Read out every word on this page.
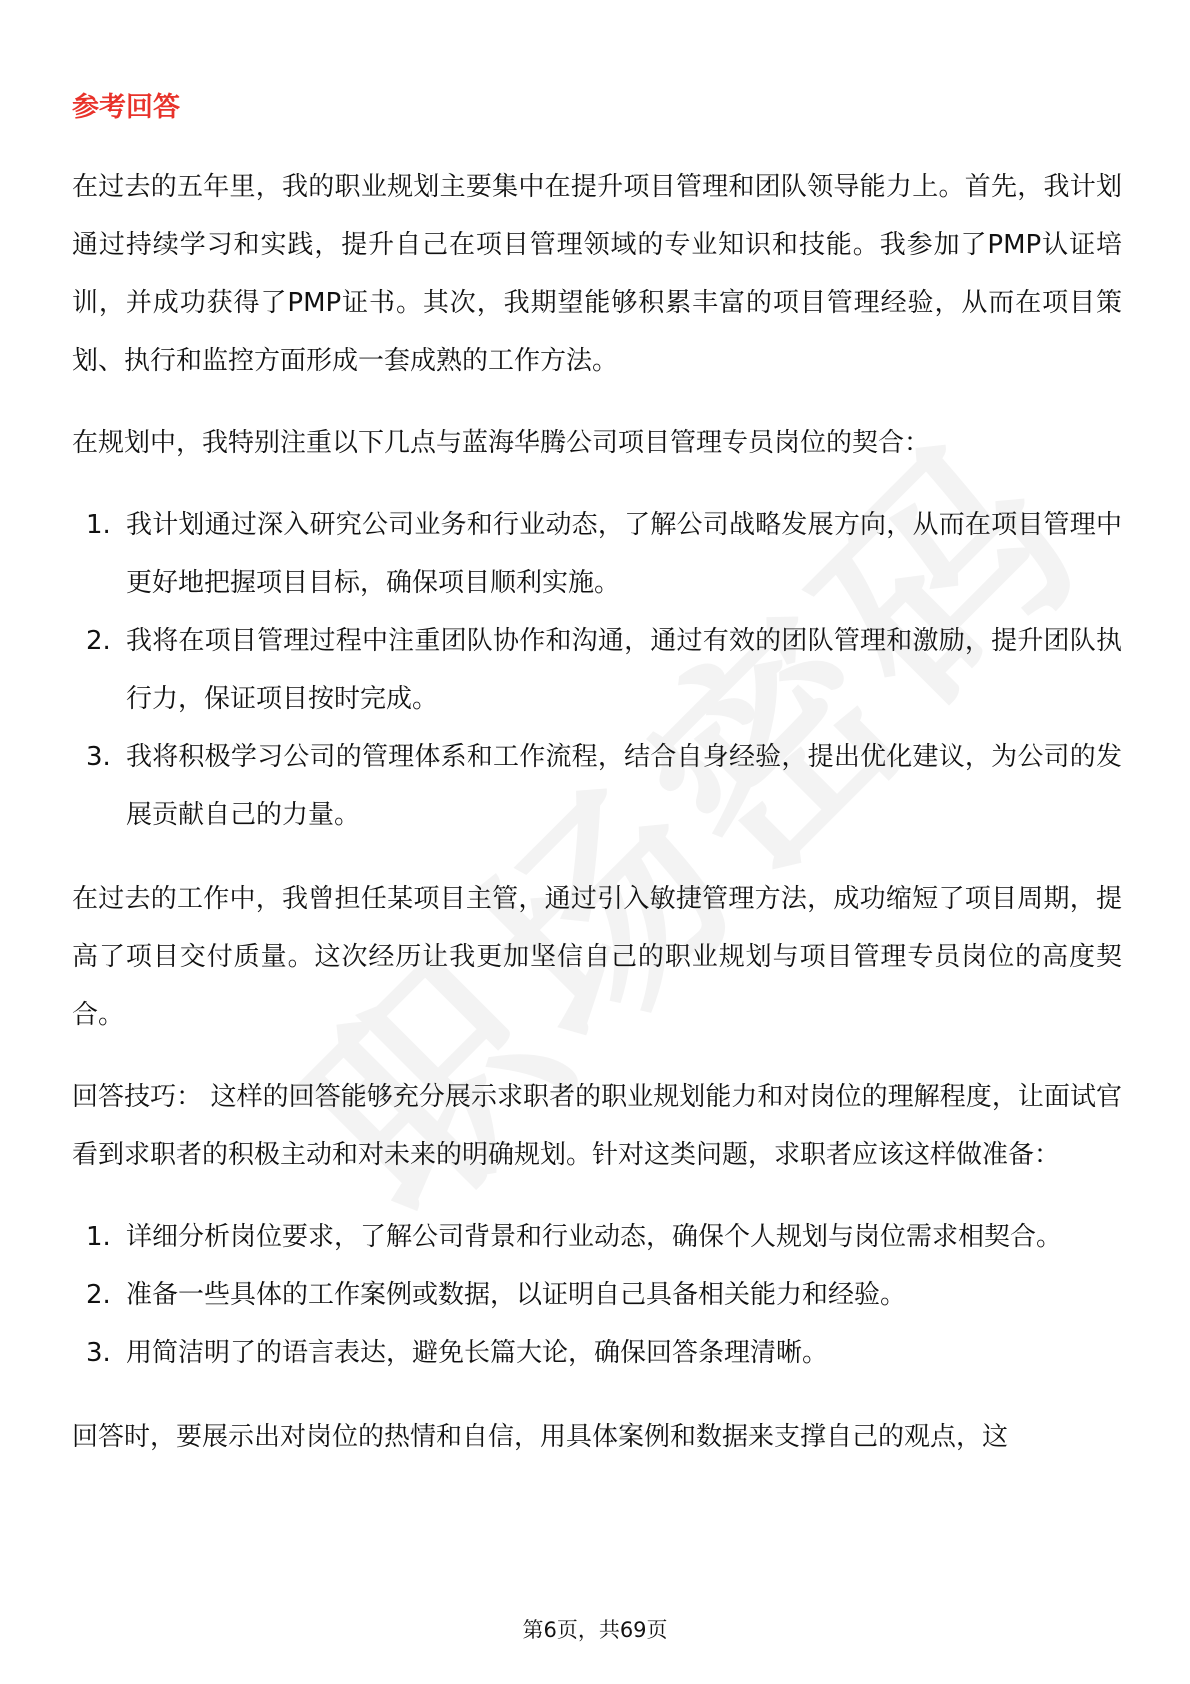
参考回答

在过去的五年里，我的职业规划主要集中在提升项目管理和团队领导能力上。首先，我计划通过持续学习和实践，提升自己在项目管理领域的专业知识和技能。我参加了PMP认证培训，并成功获得了PMP证书。其次，我期望能够积累丰富的项目管理经验，从而在项目策划、执行和监控方面形成一套成熟的工作方法。

在规划中，我特别注重以下几点与蓝海华腾公司项目管理专员岗位的契合：

1. 我计划通过深入研究公司业务和行业动态，了解公司战略发展方向，从而在项目管理中更好地把握项目目标，确保项目顺利实施。
2. 我将在项目管理过程中注重团队协作和沟通，通过有效的团队管理和激励，提升团队执行力，保证项目按时完成。
3. 我将积极学习公司的管理体系和工作流程，结合自身经验，提出优化建议，为公司的发展贡献自己的力量。

在过去的工作中，我曾担任某项目主管，通过引入敏捷管理方法，成功缩短了项目周期，提高了项目交付质量。这次经历让我更加坚信自己的职业规划与项目管理专员岗位的高度契合。

回答技巧： 这样的回答能够充分展示求职者的职业规划能力和对岗位的理解程度，让面试官看到求职者的积极主动和对未来的明确规划。针对这类问题，求职者应该这样做准备：

1. 详细分析岗位要求，了解公司背景和行业动态，确保个人规划与岗位需求相契合。
2. 准备一些具体的工作案例或数据，以证明自己具备相关能力和经验。
3. 用简洁明了的语言表达，避免长篇大论，确保回答条理清晰。

回答时，要展示出对岗位的热情和自信，用具体案例和数据来支撑自己的观点，这

第6页，共69页
